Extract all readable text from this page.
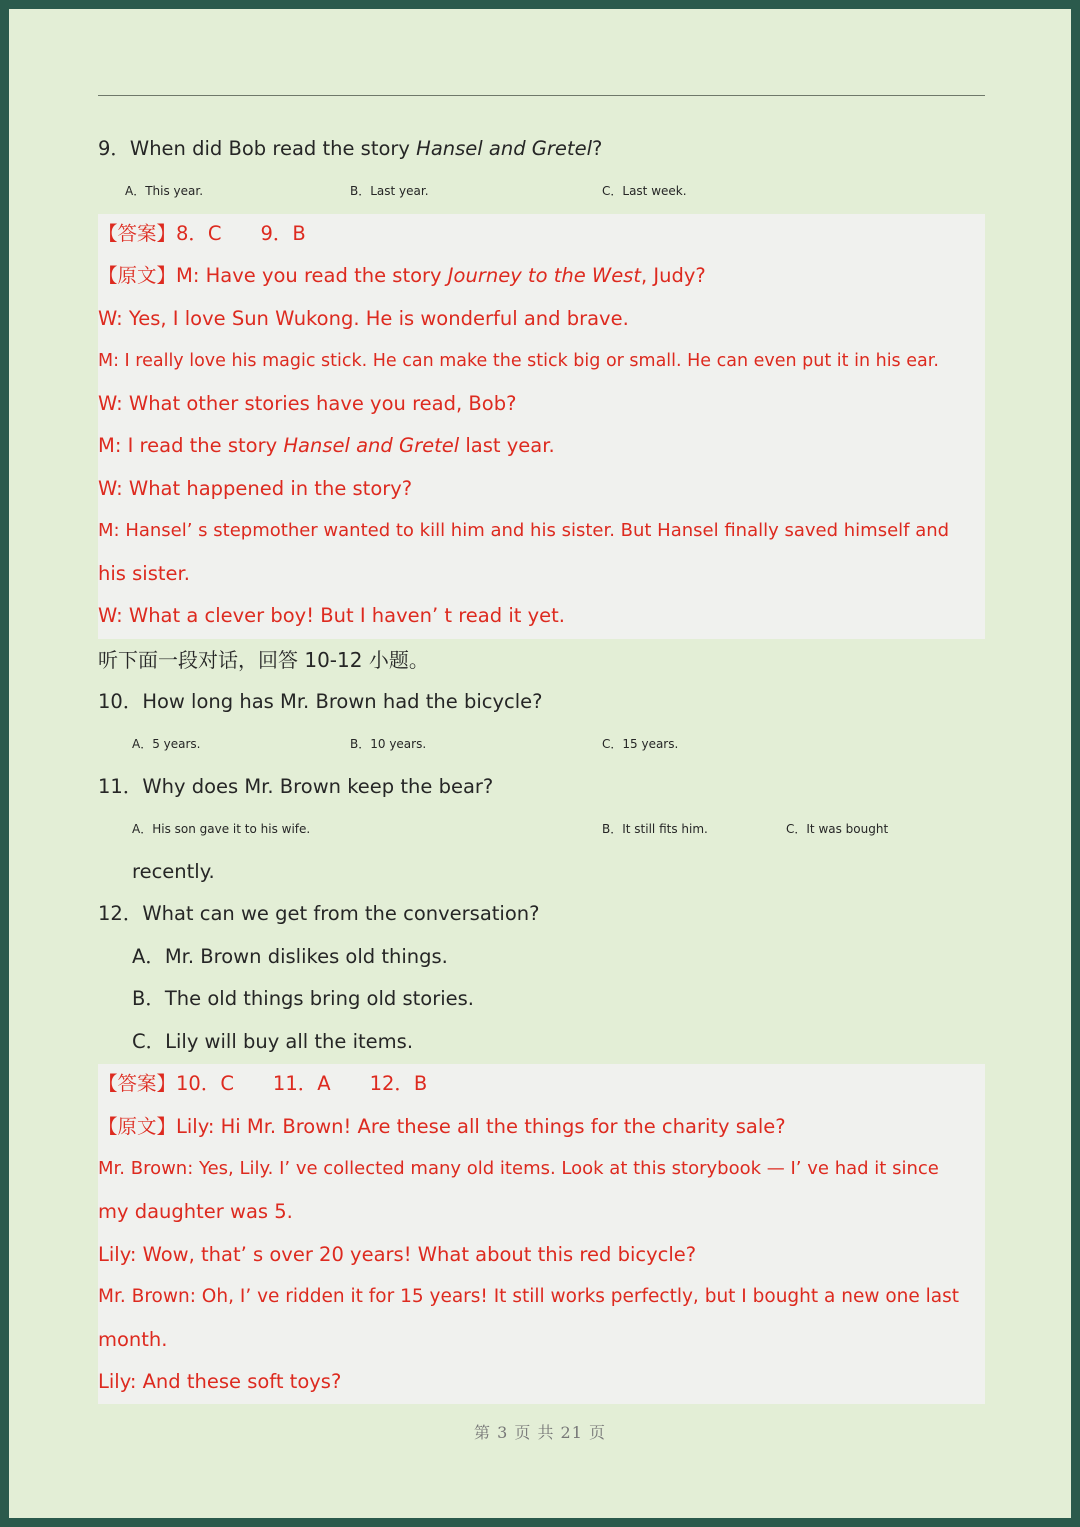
9．When did Bob read the story Hansel and Gretel?
A．This year.	B．Last year.	C．Last week.
【答案】8．C　　9．B
【原文】M: Have you read the story Journey to the West, Judy?
W: Yes, I love Sun Wukong. He is wonderful and brave.
M: I really love his magic stick. He can make the stick big or small. He can even put it in his ear.
W: What other stories have you read, Bob?
M: I read the story Hansel and Gretel last year.
W: What happened in the story?
M: Hansel’ s stepmother wanted to kill him and his sister. But Hansel finally saved himself and
his sister.
W: What a clever boy! But I haven’ t read it yet.
听下面一段对话，回答 10-12 小题。
10．How long has Mr. Brown had the bicycle?
A．5 years.	B．10 years.	C．15 years.
11．Why does Mr. Brown keep the bear?
A．His son gave it to his wife.	B．It still fits him.	C．It was bought
recently.
12．What can we get from the conversation?
A．Mr. Brown dislikes old things.
B．The old things bring old stories.
C．Lily will buy all the items.
【答案】10．C　　11．A　　12．B
【原文】Lily: Hi Mr. Brown! Are these all the things for the charity sale?
Mr. Brown: Yes, Lily. I’ ve collected many old items. Look at this storybook — I’ ve had it since
my daughter was 5.
Lily: Wow, that’ s over 20 years! What about this red bicycle?
Mr. Brown: Oh, I’ ve ridden it for 15 years! It still works perfectly, but I bought a new one last
month.
Lily: And these soft toys?
第 3 页 共 21 页
